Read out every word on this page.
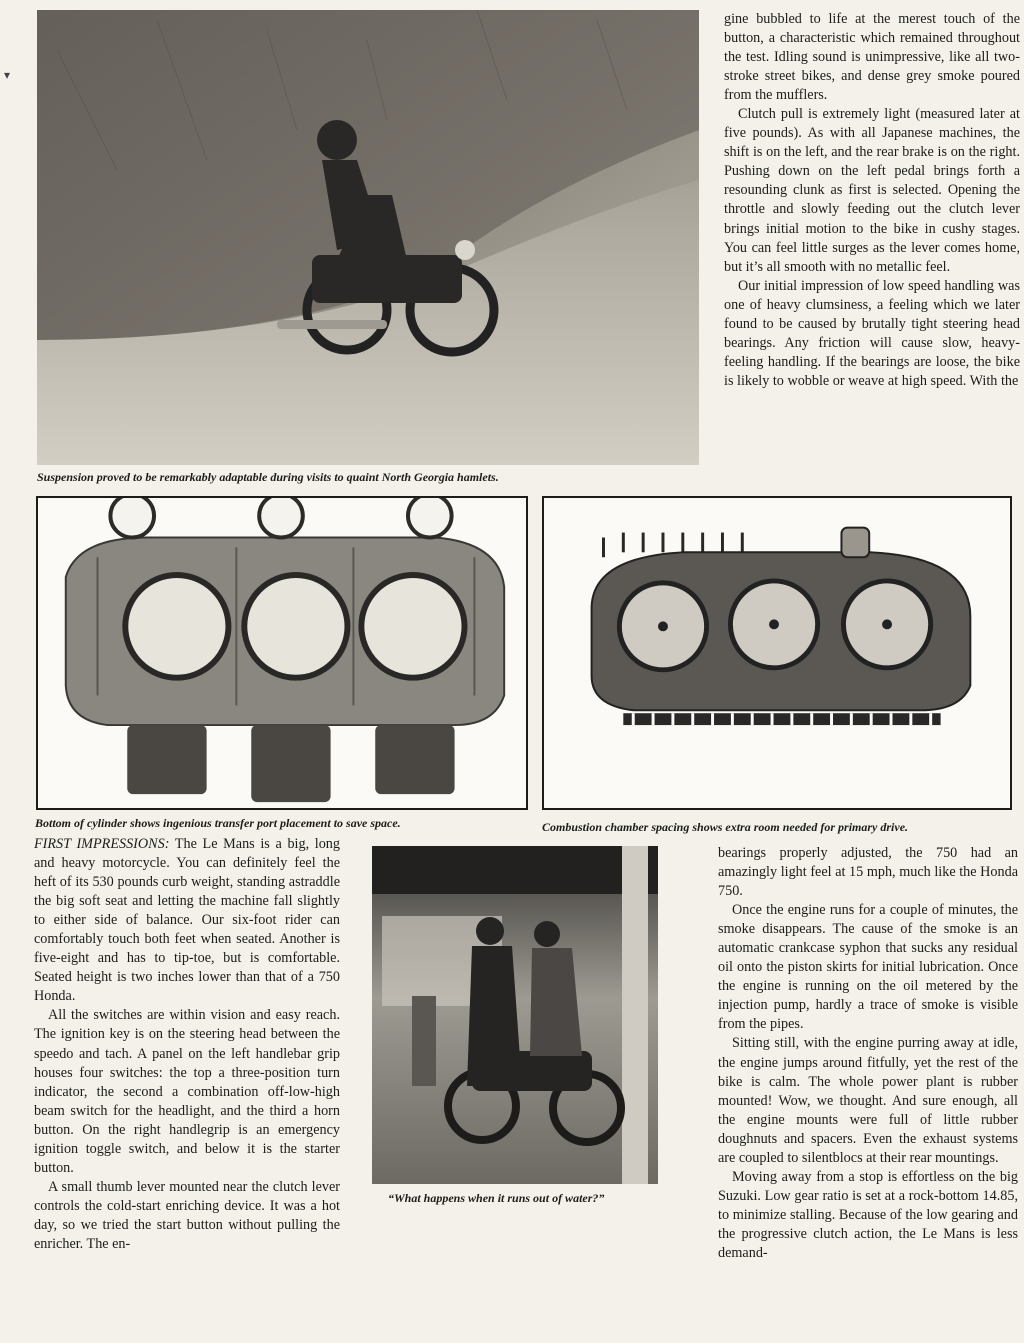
▾
Suspension proved to be remarkably adaptable during visits to quaint North Georgia hamlets.

gine bubbled to life at the merest touch of the button, a characteristic which remained throughout the test. Idling sound is unimpressive, like all two-stroke street bikes, and dense grey smoke poured from the mufflers.

Clutch pull is extremely light (measured later at five pounds). As with all Japanese machines, the shift is on the left, and the rear brake is on the right. Pushing down on the left pedal brings forth a resounding clunk as first is selected. Opening the throttle and slowly feeding out the clutch lever brings initial motion to the bike in cushy stages. You can feel little surges as the lever comes home, but it’s all smooth with no metallic feel.

Our initial impression of low speed handling was one of heavy clumsiness, a feeling which we later found to be caused by brutally tight steering head bearings. Any friction will cause slow, heavy-feeling handling. If the bearings are loose, the bike is likely to wobble or weave at high speed. With the

Bottom of cylinder shows ingenious transfer port placement to save space.	Combustion chamber spacing shows extra room needed for primary drive.

FIRST IMPRESSIONS: The Le Mans is a big, long and heavy motorcycle. You can definitely feel the heft of its 530 pounds curb weight, standing astraddle the big soft seat and letting the machine fall slightly to either side of balance. Our six-foot rider can comfortably touch both feet when seated. Another is five-eight and has to tip-toe, but is comfortable. Seated height is two inches lower than that of a 750 Honda.

All the switches are within vision and easy reach. The ignition key is on the steering head between the speedo and tach. A panel on the left handlebar grip houses four switches: the top a three-position turn indicator, the second a combination off-low-high beam switch for the headlight, and the third a horn button. On the right handlegrip is an emergency ignition toggle switch, and below it is the starter button.

A small thumb lever mounted near the clutch lever controls the cold-start enriching device. It was a hot day, so we tried the start button without pulling the enricher. The en-

“What happens when it runs out of water?”

bearings properly adjusted, the 750 had an amazingly light feel at 15 mph, much like the Honda 750.

Once the engine runs for a couple of minutes, the smoke disappears. The cause of the smoke is an automatic crankcase syphon that sucks any residual oil onto the piston skirts for initial lubrication. Once the engine is running on the oil metered by the injection pump, hardly a trace of smoke is visible from the pipes.

Sitting still, with the engine purring away at idle, the engine jumps around fitfully, yet the rest of the bike is calm. The whole power plant is rubber mounted! Wow, we thought. And sure enough, all the engine mounts were full of little rubber doughnuts and spacers. Even the exhaust systems are coupled to silentblocs at their rear mountings.

Moving away from a stop is effortless on the big Suzuki. Low gear ratio is set at a rock-bottom 14.85, to minimize stalling. Because of the low gearing and the progressive clutch action, the Le Mans is less demand-
